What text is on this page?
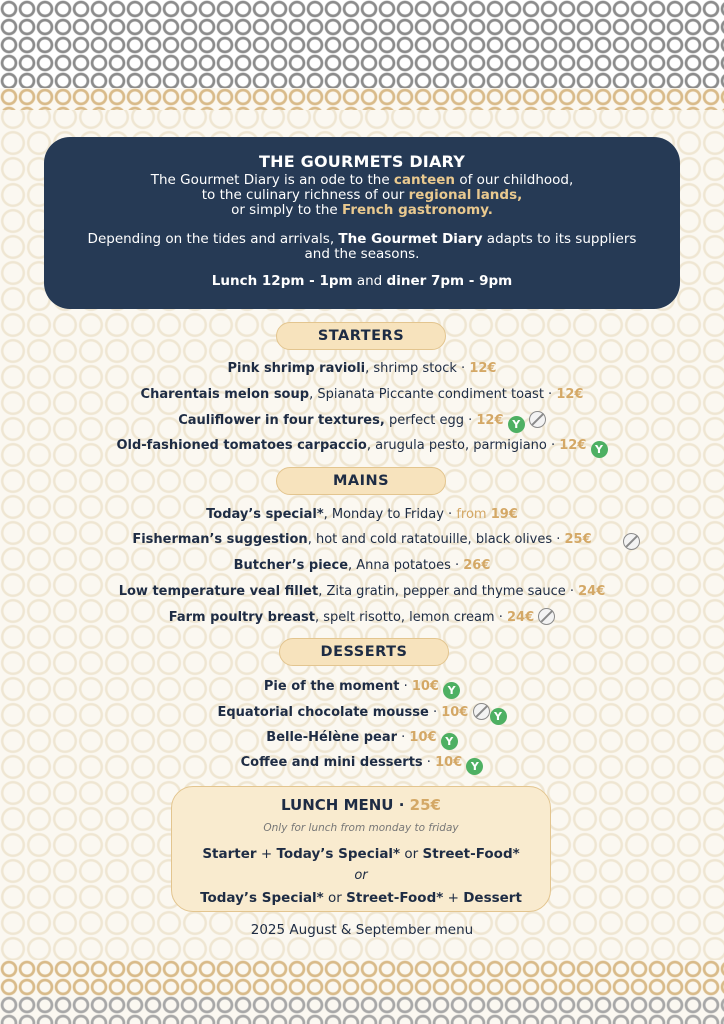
THE GOURMETS DIARY

The Gourmet Diary is an ode to the canteen of our childhood,

to the culinary richness of our regional lands,

or simply to the French gastronomy.

Depending on the tides and arrivals, The Gourmet Diary adapts to its suppliers

and the seasons.

Lunch 12pm - 1pm and diner 7pm - 9pm

STARTERS
Pink shrimp ravioli, shrimp stock · 12€
Charentais melon soup, Spianata Piccante condiment toast · 12€
Cauliflower in four textures, perfect egg · 12€ Y
Old-fashioned tomatoes carpaccio, arugula pesto, parmigiano · 12€ Y
MAINS
Today’s special*, Monday to Friday · from 19€
Fisherman’s suggestion, hot and cold ratatouille, black olives · 25€
Butcher’s piece, Anna potatoes · 26€
Low temperature veal fillet, Zita gratin, pepper and thyme sauce · 24€
Farm poultry breast, spelt risotto, lemon cream · 24€
DESSERTS
Pie of the moment · 10€ Y
Equatorial chocolate mousse · 10€ Y
Belle-Hélène pear · 10€ Y
Coffee and mini desserts · 10€ Y
LUNCH MENU · 25€
Only for lunch from monday to friday
Starter + Today’s Special* or Street-Food*
or
Today’s Special* or Street-Food* + Dessert
2025 August & September menu
